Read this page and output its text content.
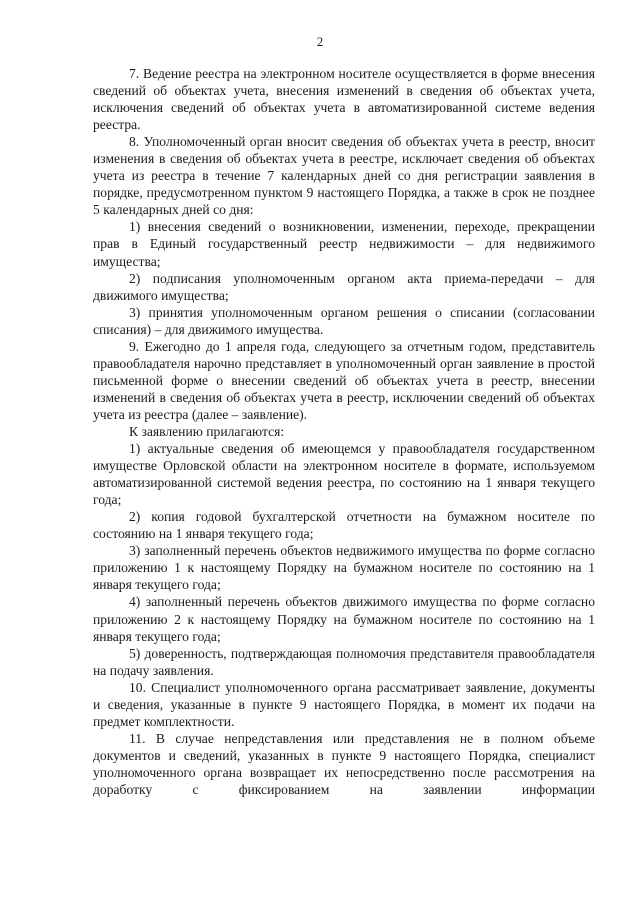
2

7. Ведение реестра на электронном носителе осуществляется в форме внесения сведений об объектах учета, внесения изменений в сведения об объектах учета, исключения сведений об объектах учета в автоматизированной системе ведения реестра.

8. Уполномоченный орган вносит сведения об объектах учета в реестр, вносит изменения в сведения об объектах учета в реестре, исключает сведения об объектах учета из реестра в течение 7 календарных дней со дня регистрации заявления в порядке, предусмотренном пунктом 9 настоящего Порядка, а также в срок не позднее 5 календарных дней со дня:

1) внесения сведений о возникновении, изменении, переходе, прекращении прав в Единый государственный реестр недвижимости – для недвижимого имущества;

2) подписания уполномоченным органом акта приема-передачи – для движимого имущества;

3) принятия уполномоченным органом решения о списании (согласовании списания) – для движимого имущества.

9. Ежегодно до 1 апреля года, следующего за отчетным годом, представитель правообладателя нарочно представляет в уполномоченный орган заявление в простой письменной форме о внесении сведений об объектах учета в реестр, внесении изменений в сведения об объектах учета в реестр, исключении сведений об объектах учета из реестра (далее – заявление).

К заявлению прилагаются:

1) актуальные сведения об имеющемся у правообладателя государственном имуществе Орловской области на электронном носителе в формате, используемом автоматизированной системой ведения реестра, по состоянию на 1 января текущего года;

2) копия годовой бухгалтерской отчетности на бумажном носителе по состоянию на 1 января текущего года;

3) заполненный перечень объектов недвижимого имущества по форме согласно приложению 1 к настоящему Порядку на бумажном носителе по состоянию на 1 января текущего года;

4) заполненный перечень объектов движимого имущества по форме согласно приложению 2 к настоящему Порядку на бумажном носителе по состоянию на 1 января текущего года;

5) доверенность, подтверждающая полномочия представителя правообладателя на подачу заявления.

10. Специалист уполномоченного органа рассматривает заявление, документы и сведения, указанные в пункте 9 настоящего Порядка, в момент их подачи на предмет комплектности.

11. В случае непредставления или представления не в полном объеме документов и сведений, указанных в пункте 9 настоящего Порядка, специалист уполномоченного органа возвращает их непосредственно после рассмотрения на доработку с фиксированием на заявлении информации
